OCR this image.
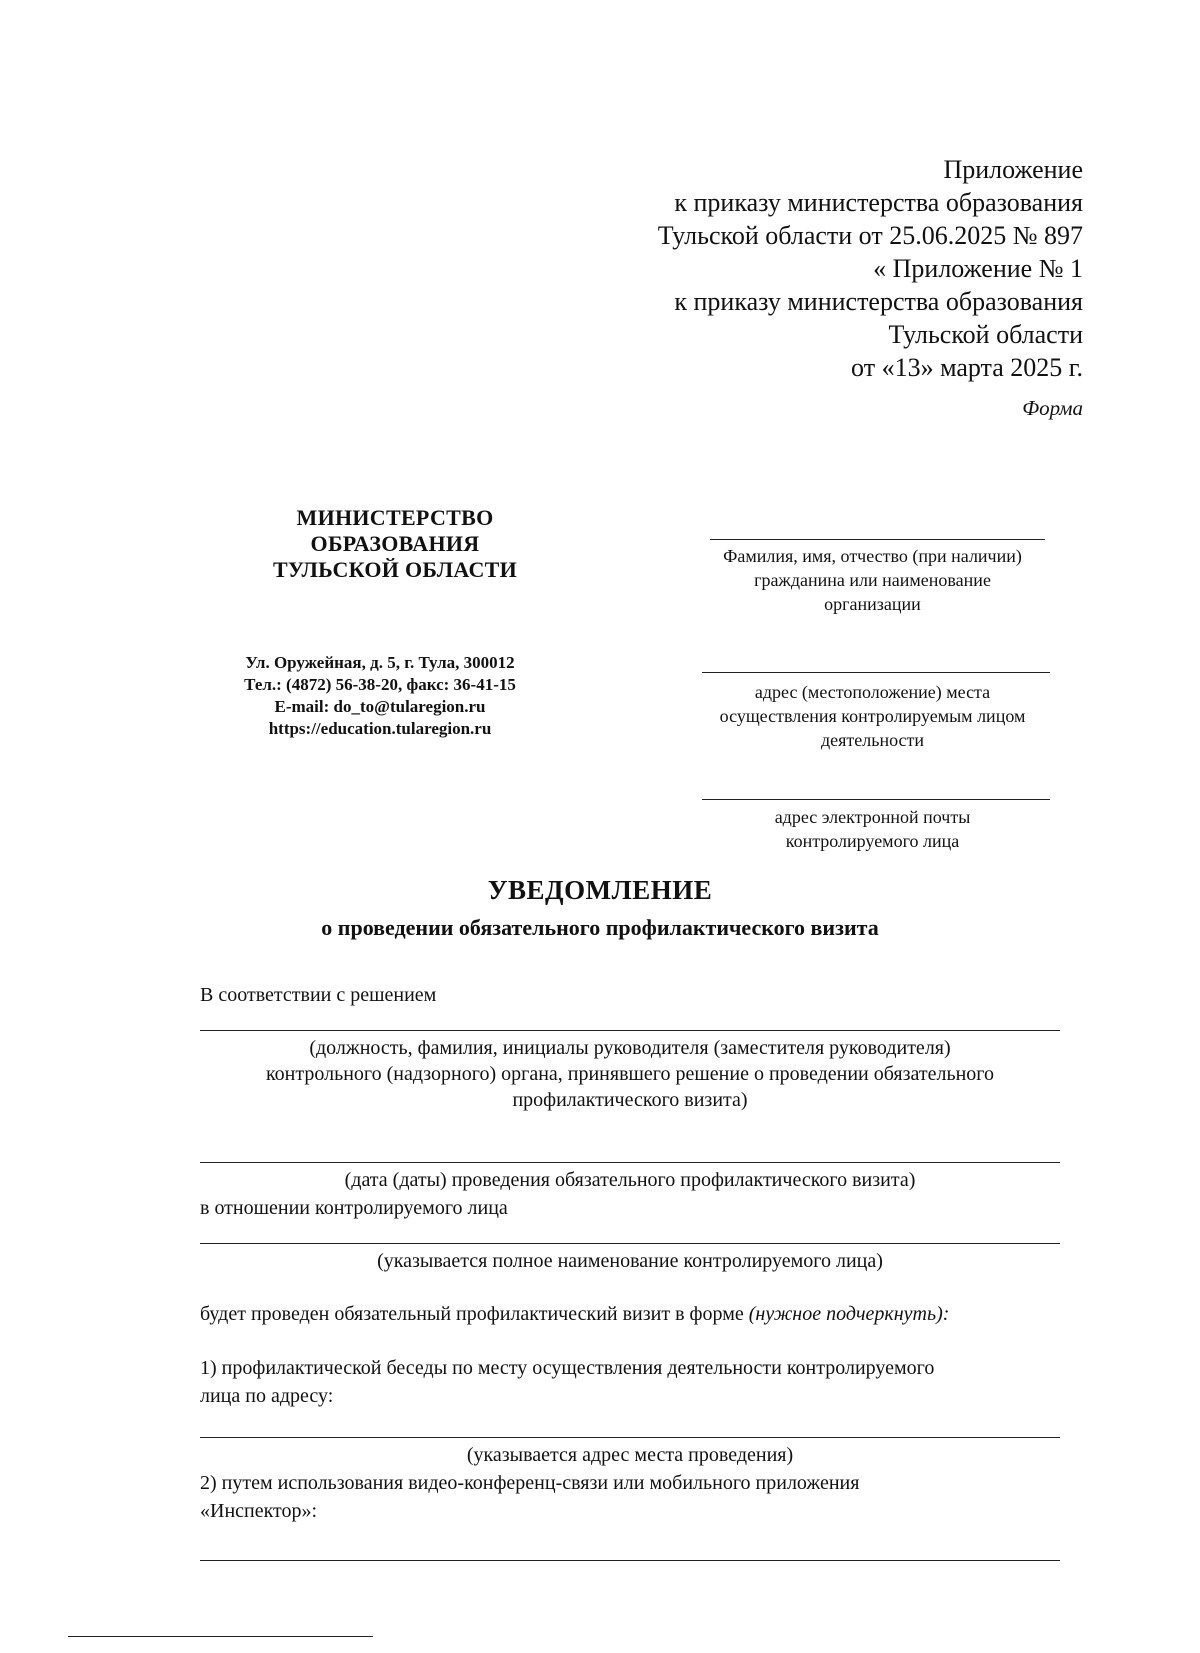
Приложение
к приказу министерства образования
Тульской области от 25.06.2025 № 897
« Приложение № 1
к приказу министерства образования
Тульской области
от «13» марта 2025 г.
Форма
МИНИСТЕРСТВО
ОБРАЗОВАНИЯ
ТУЛЬСКОЙ ОБЛАСТИ
Ул. Оружейная, д. 5, г. Тула, 300012
Тел.: (4872) 56-38-20, факс: 36-41-15
E-mail: do_to@tularegion.ru
https://education.tularegion.ru
Фамилия, имя, отчество (при наличии)
гражданина или наименование
организации
адрес (местоположение) места
осуществления контролируемым лицом
деятельности
адрес электронной почты
контролируемого лица
УВЕДОМЛЕНИЕ
о проведении обязательного профилактического визита
В соответствии с решением
(должность, фамилия, инициалы руководителя (заместителя руководителя)
контрольного (надзорного) органа, принявшего решение о проведении обязательного
профилактического визита)
(дата (даты) проведения обязательного профилактического визита)
в отношении контролируемого лица
(указывается полное наименование контролируемого лица)
будет проведен обязательный профилактический визит в форме (нужное подчеркнуть):
1) профилактической беседы по месту осуществления деятельности контролируемого
лица по адресу:
(указывается адрес места проведения)
2) путем использования видео-конференц-связи или мобильного приложения
«Инспектор»:
